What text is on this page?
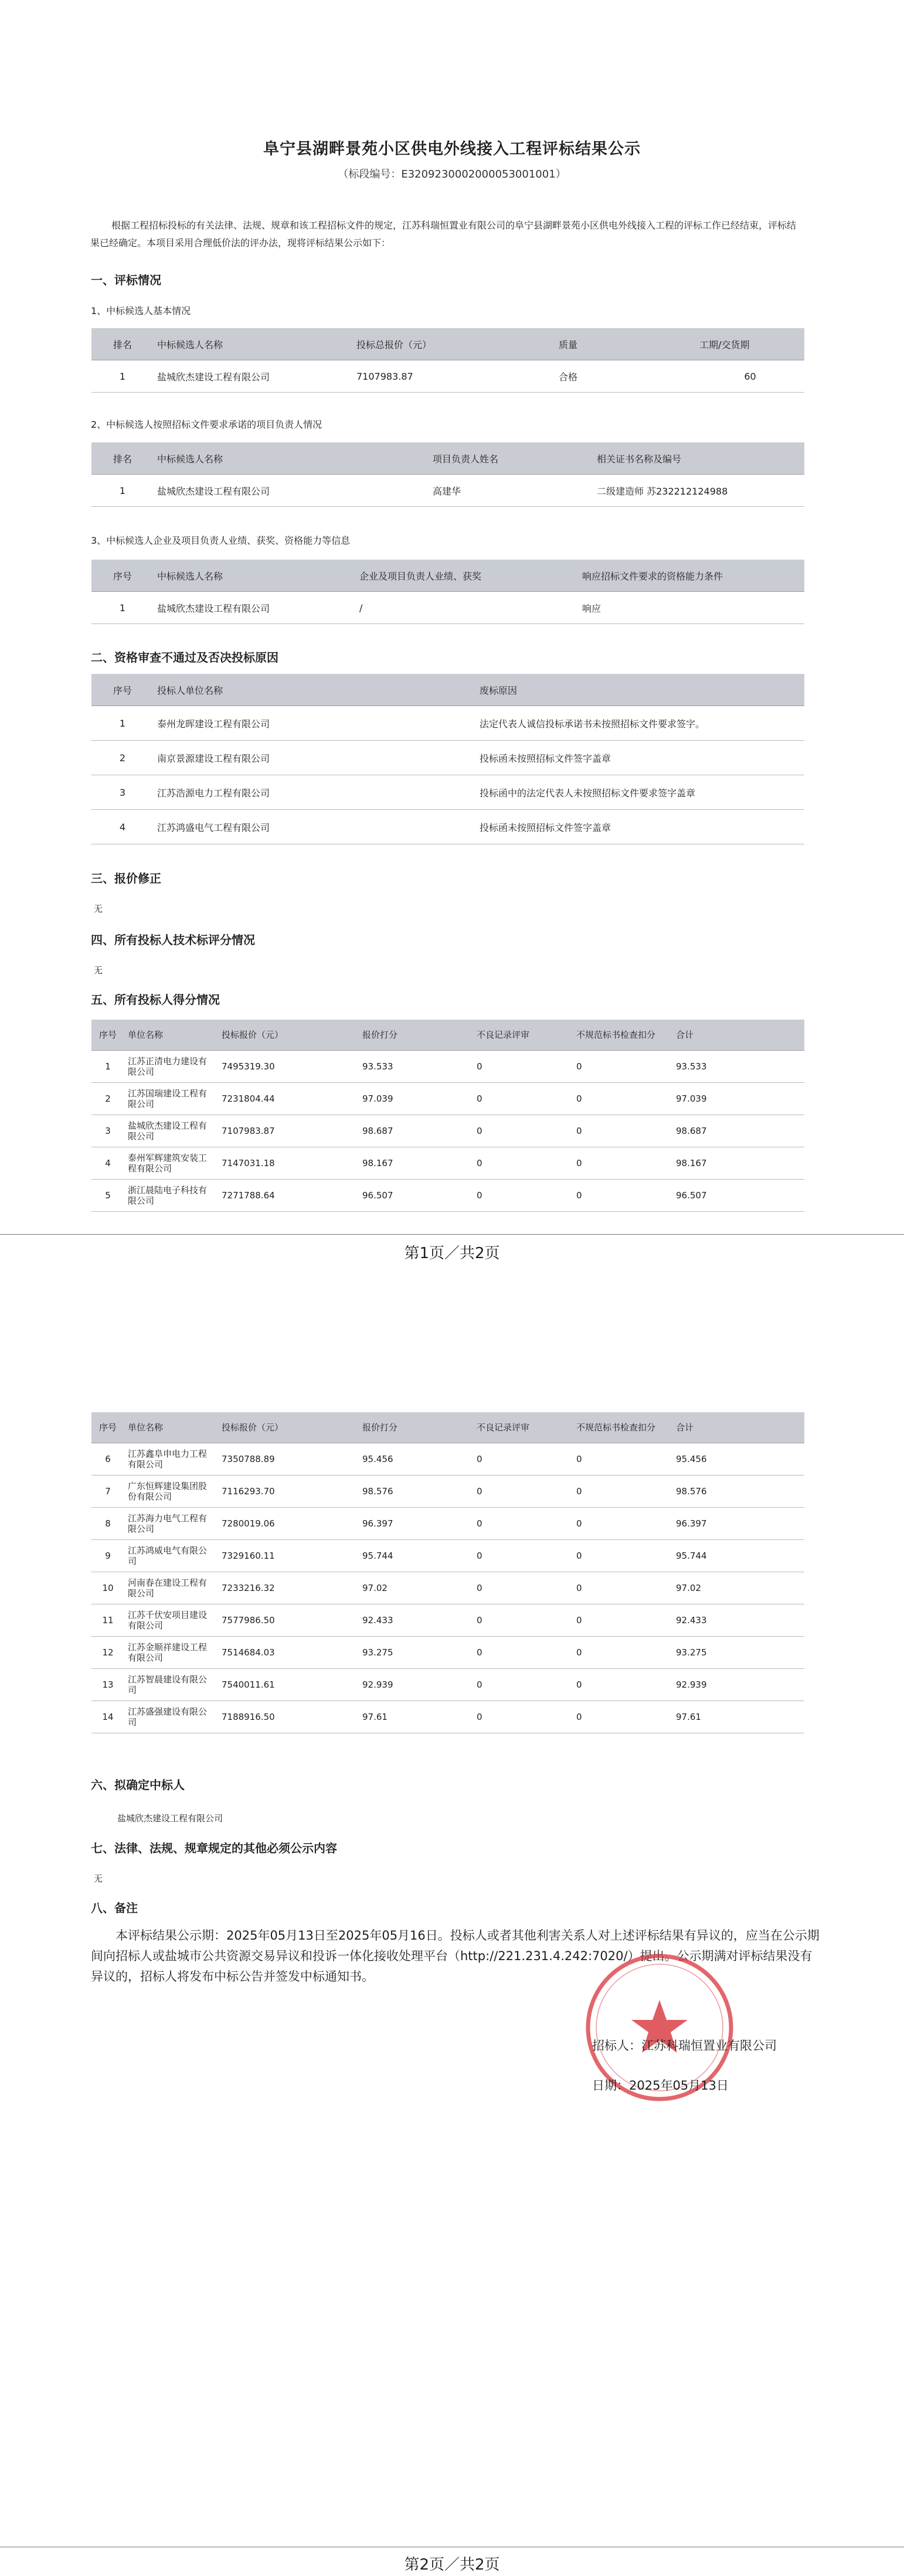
阜宁县湖畔景苑小区供电外线接入工程评标结果公示
（标段编号：E3209230002000053001001）
根据工程招标投标的有关法律、法规、规章和该工程招标文件的规定，江苏科瑞恒置业有限公司的阜宁县湖畔景苑小区供电外线接入工程的评标工作已经结束，评标结果已经确定。本项目采用合理低价法的评办法，现将评标结果公示如下：
一、评标情况
1、中标候选人基本情况
排名	中标候选人名称	投标总报价（元）	质量	工期/交货期
1	盐城欣杰建设工程有限公司	7107983.87	合格	60
2、中标候选人按照招标文件要求承诺的项目负责人情况
排名	中标候选人名称	项目负责人姓名	相关证书名称及编号
1	盐城欣杰建设工程有限公司	高建华	二级建造师 苏232212124988
3、中标候选人企业及项目负责人业绩、获奖、资格能力等信息
序号	中标候选人名称	企业及项目负责人业绩、获奖	响应招标文件要求的资格能力条件
1	盐城欣杰建设工程有限公司	/	响应
二、资格审查不通过及否决投标原因
序号	投标人单位名称	废标原因
1	泰州龙晖建设工程有限公司	法定代表人诚信投标承诺书未按照招标文件要求签字。
2	南京景源建设工程有限公司	投标函未按照招标文件签字盖章
3	江苏浩源电力工程有限公司	投标函中的法定代表人未按照招标文件要求签字盖章
4	江苏鸿盛电气工程有限公司	投标函未按照招标文件签字盖章
三、报价修正
无
四、所有投标人技术标评分情况
无
五、所有投标人得分情况
序号	单位名称	投标报价（元）	报价打分	不良记录评审	不规范标书检查扣分	合计
1	江苏正清电力建设有限公司	7495319.30	93.533	0	0	93.533
2	江苏国瑞建设工程有限公司	7231804.44	97.039	0	0	97.039
3	盐城欣杰建设工程有限公司	7107983.87	98.687	0	0	98.687
4	泰州军辉建筑安装工程有限公司	7147031.18	98.167	0	0	98.167
5	浙江晨陆电子科技有限公司	7271788.64	96.507	0	0	96.507
第1页／共2页
序号	单位名称	投标报价（元）	报价打分	不良记录评审	不规范标书检查扣分	合计
6	江苏鑫阜申电力工程有限公司	7350788.89	95.456	0	0	95.456
7	广东恒辉建设集团股份有限公司	7116293.70	98.576	0	0	98.576
8	江苏海力电气工程有限公司	7280019.06	96.397	0	0	96.397
9	江苏鸿威电气有限公司	7329160.11	95.744	0	0	95.744
10	河南春在建设工程有限公司	7233216.32	97.02	0	0	97.02
11	江苏千伏安项目建设有限公司	7577986.50	92.433	0	0	92.433
12	江苏金顺祥建设工程有限公司	7514684.03	93.275	0	0	93.275
13	江苏智晨建设有限公司	7540011.61	92.939	0	0	92.939
14	江苏盛强建设有限公司	7188916.50	97.61	0	0	97.61
六、拟确定中标人
盐城欣杰建设工程有限公司
七、法律、法规、规章规定的其他必须公示内容
无
八、备注
本评标结果公示期：2025年05月13日至2025年05月16日。投标人或者其他利害关系人对上述评标结果有异议的，应当在公示期间向招标人或盐城市公共资源交易异议和投诉一体化接收处理平台（http://221.231.4.242:7020/）提出。公示期满对评标结果没有异议的，招标人将发布中标公告并签发中标通知书。
招标人：江苏科瑞恒置业有限公司
日期：2025年05月13日
第2页／共2页
